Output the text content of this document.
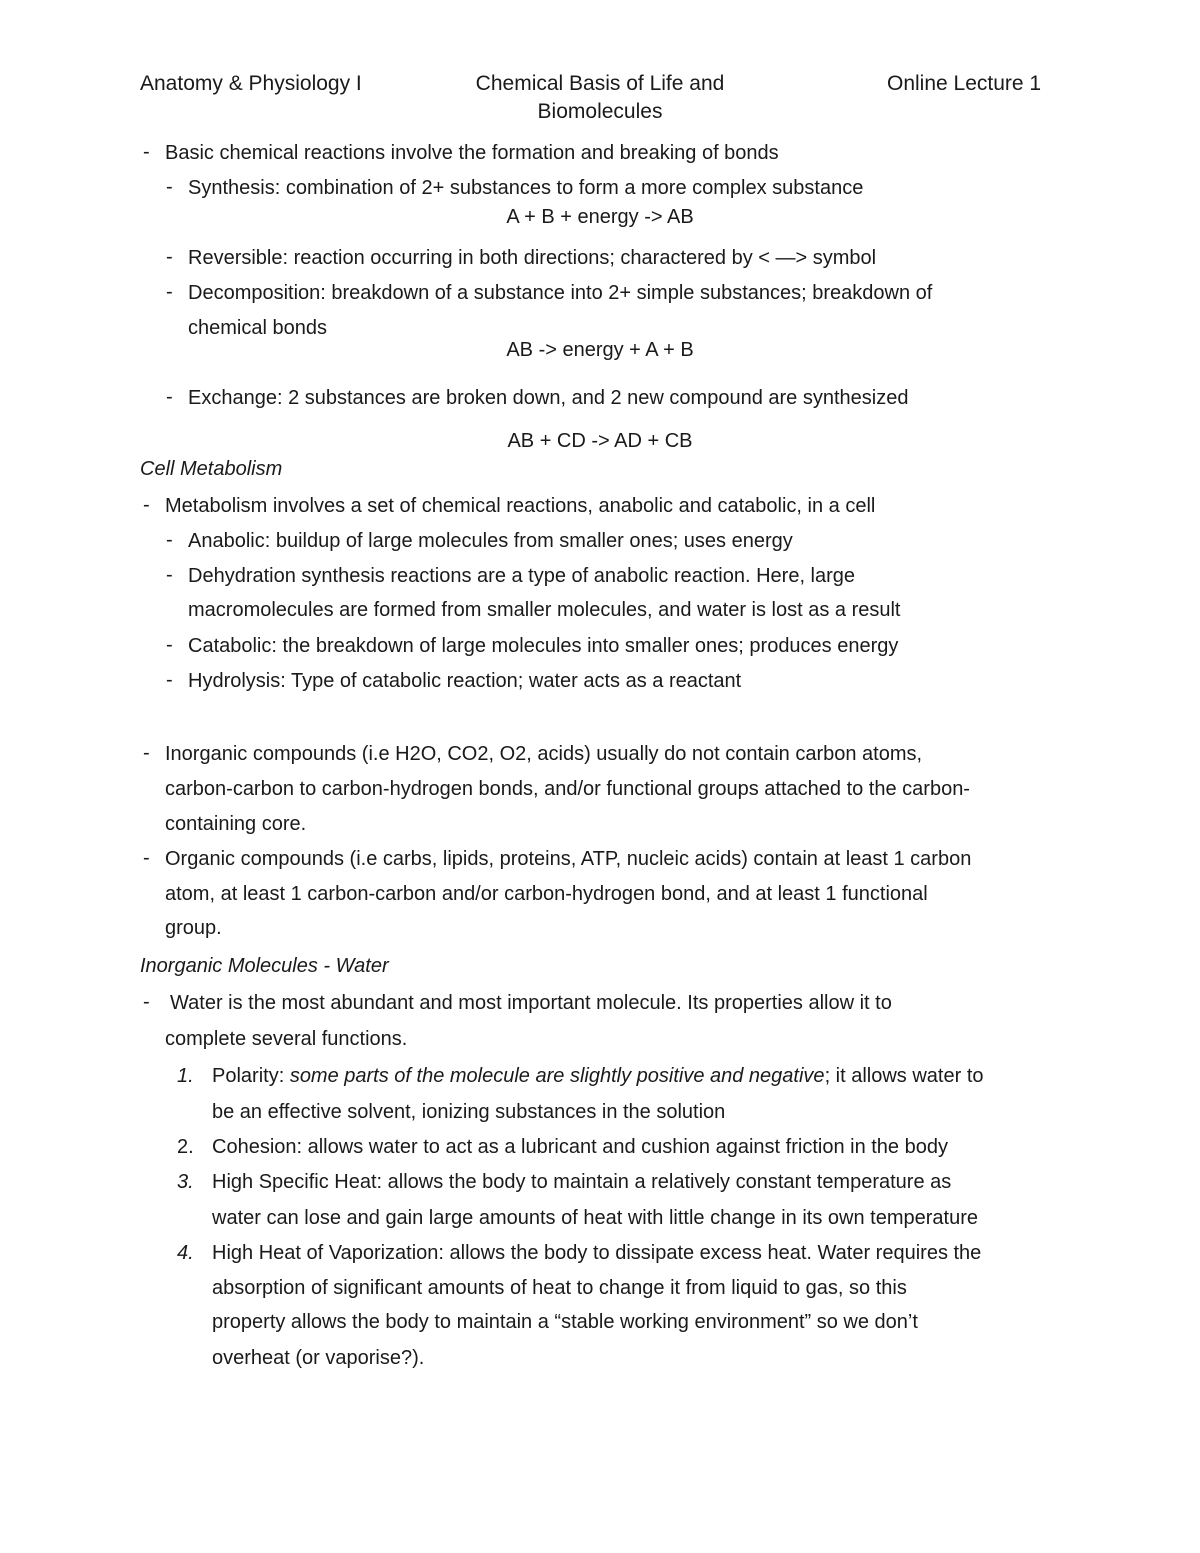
Anatomy & Physiology I	Chemical Basis of Life and
Biomolecules
Online Lecture 1
- Basic chemical reactions involve the formation and breaking of bonds
- Synthesis: combination of 2+ substances to form a more complex substance
A + B + energy -> AB
- Reversible: reaction occurring in both directions; charactered by < —> symbol
- Decomposition: breakdown of a substance into 2+ simple substances; breakdown of
chemical bonds
AB -> energy + A + B
- Exchange: 2 substances are broken down, and 2 new compound are synthesized
AB + CD -> AD + CB
Cell Metabolism
- Metabolism involves a set of chemical reactions, anabolic and catabolic, in a cell
- Anabolic: buildup of large molecules from smaller ones; uses energy
- Dehydration synthesis reactions are a type of anabolic reaction. Here, large
macromolecules are formed from smaller molecules, and water is lost as a result
- Catabolic: the breakdown of large molecules into smaller ones; produces energy
- Hydrolysis: Type of catabolic reaction; water acts as a reactant
- Inorganic compounds (i.e H2O, CO2, O2, acids) usually do not contain carbon atoms,
carbon-carbon to carbon-hydrogen bonds, and/or functional groups attached to the carbon-
containing core.
- Organic compounds (i.e carbs, lipids, proteins, ATP, nucleic acids) contain at least 1 carbon
atom, at least 1 carbon-carbon and/or carbon-hydrogen bond, and at least 1 functional
group.
Inorganic Molecules - Water
- Water is the most abundant and most important molecule. Its properties allow it to
complete several functions.
1. Polarity: some parts of the molecule are slightly positive and negative; it allows water to
be an effective solvent, ionizing substances in the solution
2. Cohesion: allows water to act as a lubricant and cushion against friction in the body
3. High Specific Heat: allows the body to maintain a relatively constant temperature as
water can lose and gain large amounts of heat with little change in its own temperature
4. High Heat of Vaporization: allows the body to dissipate excess heat. Water requires the
absorption of significant amounts of heat to change it from liquid to gas, so this
property allows the body to maintain a “stable working environment” so we don’t
overheat (or vaporise?).
